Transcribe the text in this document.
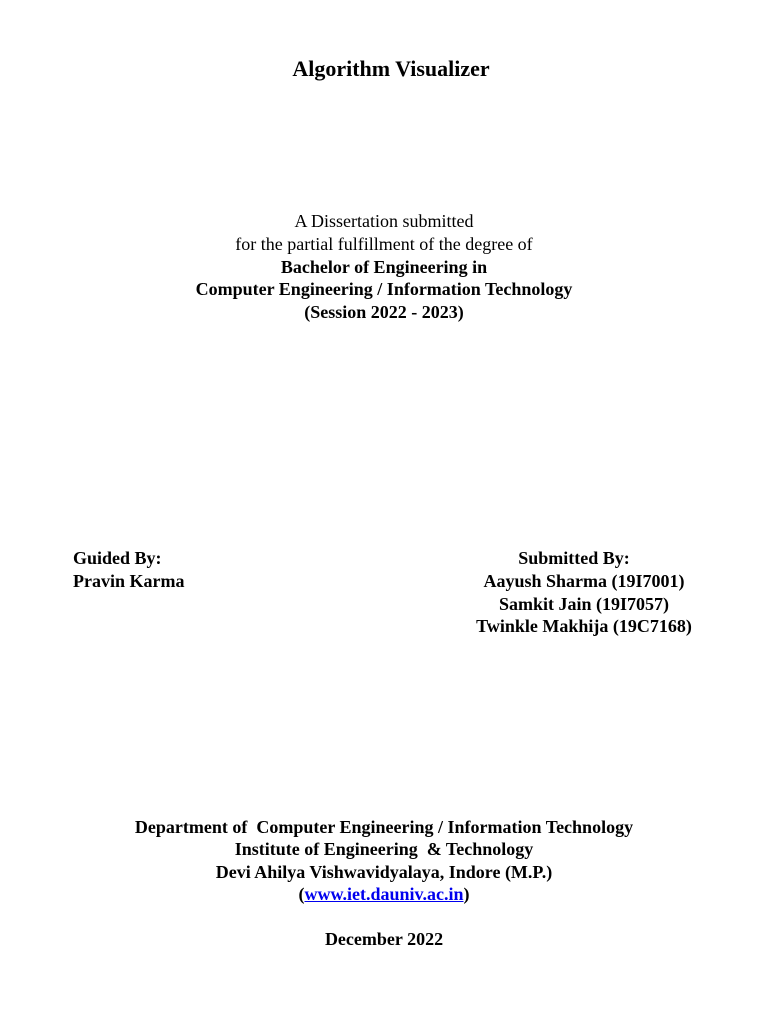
Algorithm Visualizer
A Dissertation submitted
for the partial fulfillment of the degree of
Bachelor of Engineering in
Computer Engineering / Information Technology
(Session 2022 - 2023)
Guided By:
Pravin Karma
Submitted By:
Aayush Sharma (19I7001)
Samkit Jain (19I7057)
Twinkle Makhija (19C7168)
Department of  Computer Engineering / Information Technology
Institute of Engineering  & Technology
Devi Ahilya Vishwavidyalaya, Indore (M.P.)
(www.iet.dauniv.ac.in)
December 2022
